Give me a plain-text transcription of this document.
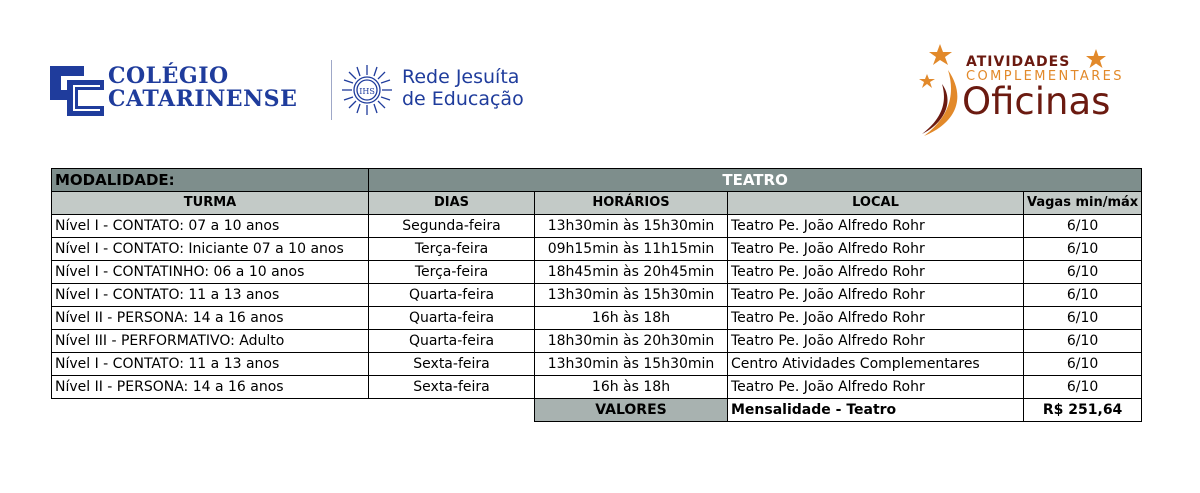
COLÉGIO
CATARINENSE	IHS
Rede Jesuíta
de Educação
ATIVIDADES
COMPLEMENTARES
Oficinas
MODALIDADE:	TEATRO			
TURMA	DIAS	HORÁRIOS	LOCAL	Vagas min/máx
Nível I - CONTATO: 07 a 10 anos	Segunda-feira	13h30min às 15h30min	Teatro Pe. João Alfredo Rohr	6/10
Nível I - CONTATO: Iniciante 07 a 10 anos	Terça-feira	09h15min às 11h15min	Teatro Pe. João Alfredo Rohr	6/10
Nível I - CONTATINHO: 06 a 10 anos	Terça-feira	18h45min às 20h45min	Teatro Pe. João Alfredo Rohr	6/10
Nível I - CONTATO: 11 a 13 anos	Quarta-feira	13h30min às 15h30min	Teatro Pe. João Alfredo Rohr	6/10
Nível II - PERSONA: 14 a 16 anos	Quarta-feira	16h às 18h	Teatro Pe. João Alfredo Rohr	6/10
Nível III - PERFORMATIVO: Adulto	Quarta-feira	18h30min às 20h30min	Teatro Pe. João Alfredo Rohr	6/10
Nível I - CONTATO: 11 a 13 anos	Sexta-feira	13h30min às 15h30min	Centro Atividades Complementares	6/10
Nível II - PERSONA: 14 a 16 anos	Sexta-feira	16h às 18h	Teatro Pe. João Alfredo Rohr	6/10
		VALORES	Mensalidade - Teatro	R$ 251,64
